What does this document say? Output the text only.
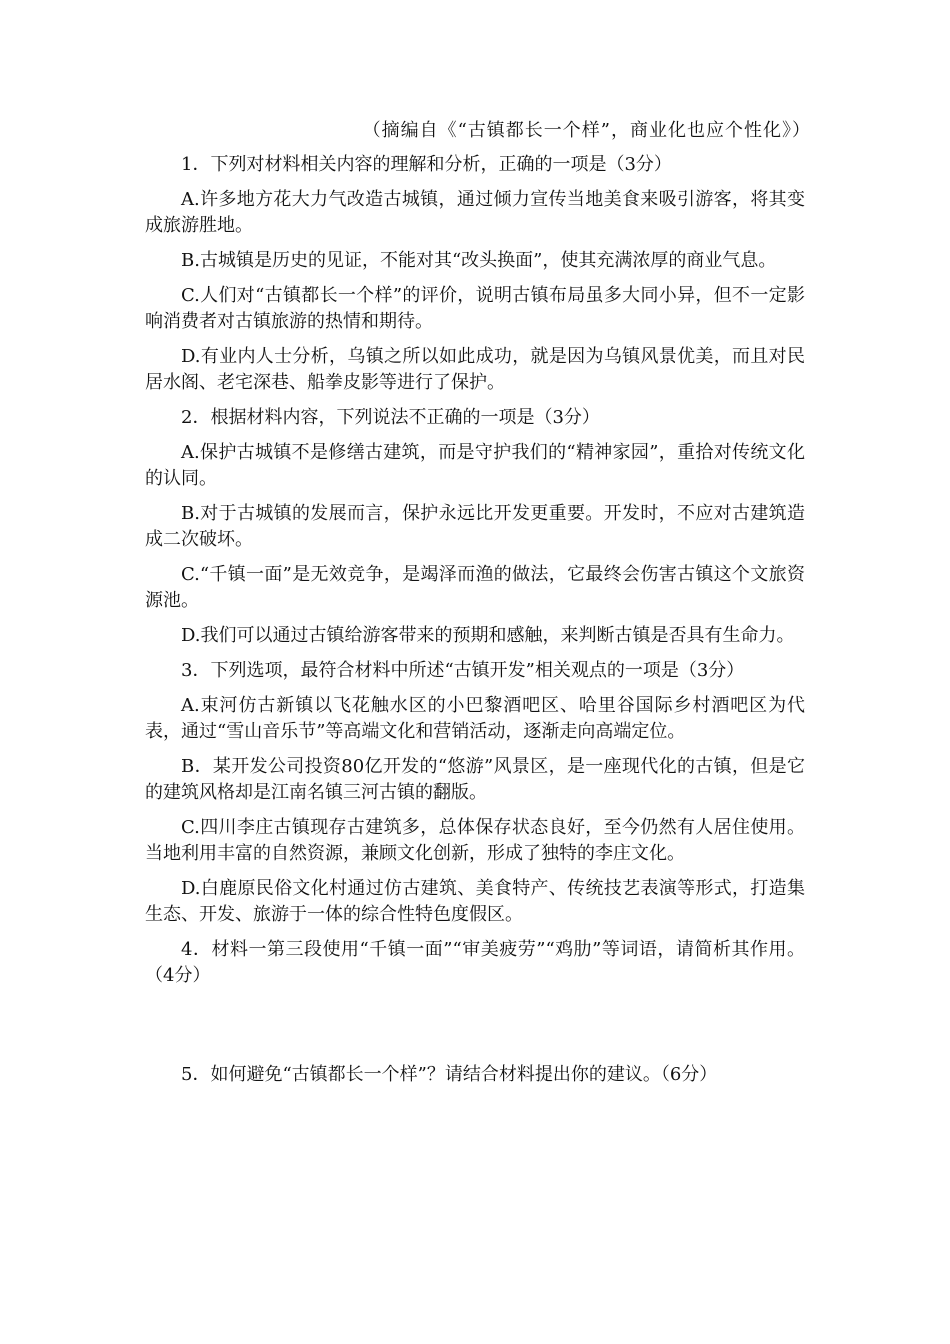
（摘编自《“古镇都长一个样”，商业化也应个性化》）

1．下列对材料相关内容的理解和分析，正确的一项是（3分）

A.许多地方花大力气改造古城镇，通过倾力宣传当地美食来吸引游客，将其变成旅游胜地。

B.古城镇是历史的见证，不能对其“改头换面”，使其充满浓厚的商业气息。

C.人们对“古镇都长一个样”的评价，说明古镇布局虽多大同小异，但不一定影响消费者对古镇旅游的热情和期待。

D.有业内人士分析，乌镇之所以如此成功，就是因为乌镇风景优美，而且对民居水阁、老宅深巷、船拳皮影等进行了保护。

2．根据材料内容，下列说法不正确的一项是（3分）

A.保护古城镇不是修缮古建筑，而是守护我们的“精神家园”，重拾对传统文化的认同。

B.对于古城镇的发展而言，保护永远比开发更重要。开发时，不应对古建筑造成二次破坏。

C.“千镇一面”是无效竞争，是竭泽而渔的做法，它最终会伤害古镇这个文旅资源池。

D.我们可以通过古镇给游客带来的预期和感触，来判断古镇是否具有生命力。

3．下列选项，最符合材料中所述“古镇开发”相关观点的一项是（3分）

A.束河仿古新镇以飞花触水区的小巴黎酒吧区、哈里谷国际乡村酒吧区为代表，通过“雪山音乐节”等高端文化和营销活动，逐渐走向高端定位。

B．某开发公司投资80亿开发的“悠游”风景区，是一座现代化的古镇，但是它的建筑风格却是江南名镇三河古镇的翻版。

C.四川李庄古镇现存古建筑多，总体保存状态良好，至今仍然有人居住使用。当地利用丰富的自然资源，兼顾文化创新，形成了独特的李庄文化。

D.白鹿原民俗文化村通过仿古建筑、美食特产、传统技艺表演等形式，打造集生态、开发、旅游于一体的综合性特色度假区。

4．材料一第三段使用“千镇一面”“审美疲劳”“鸡肋”等词语，请简析其作用。（4分）

5．如何避免“古镇都长一个样”？请结合材料提出你的建议。（6分）
